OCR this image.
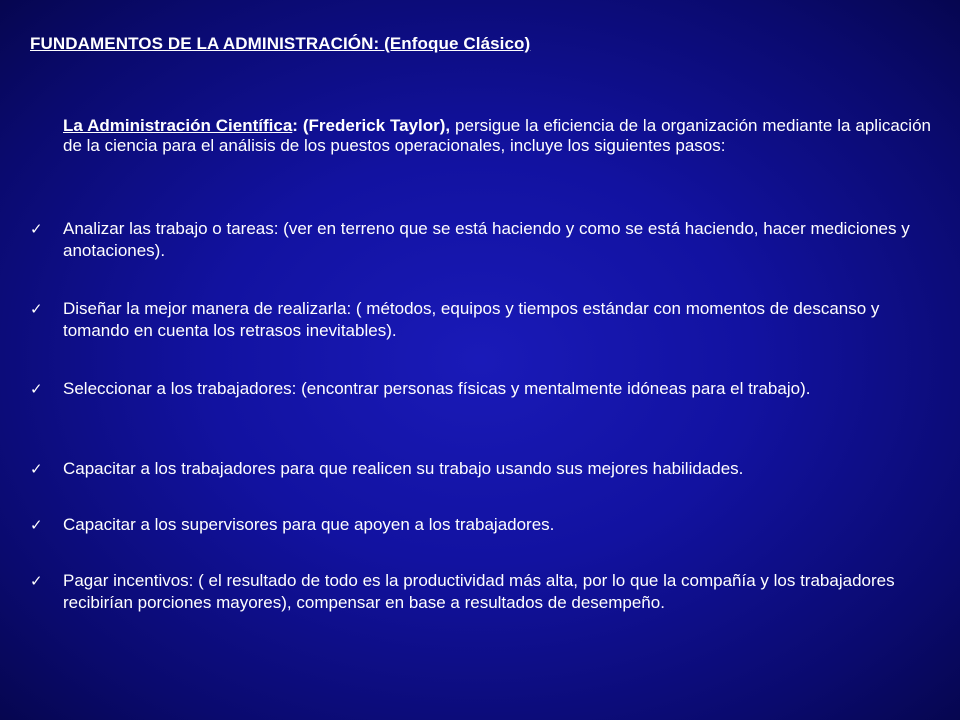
FUNDAMENTOS DE LA ADMINISTRACIÓN: (Enfoque Clásico)
La Administración Científica: (Frederick Taylor), persigue la eficiencia de la organización mediante la aplicación de la ciencia para el análisis de los puestos operacionales, incluye los siguientes pasos:
✓	Analizar las trabajo o tareas: (ver en terreno que se está haciendo y como se está haciendo, hacer mediciones y anotaciones).
✓	Diseñar la mejor manera de realizarla: ( métodos, equipos y tiempos estándar con momentos de descanso y tomando en cuenta los retrasos inevitables).
✓	Seleccionar a los trabajadores: (encontrar personas físicas y mentalmente idóneas para el trabajo).
✓	Capacitar a los trabajadores para que realicen su trabajo usando sus mejores habilidades.
✓	Capacitar a los supervisores para que apoyen a los trabajadores.
✓	Pagar incentivos: ( el resultado de todo es la productividad más alta, por lo que la compañía y los trabajadores recibirían porciones mayores), compensar en base a resultados de desempeño.
